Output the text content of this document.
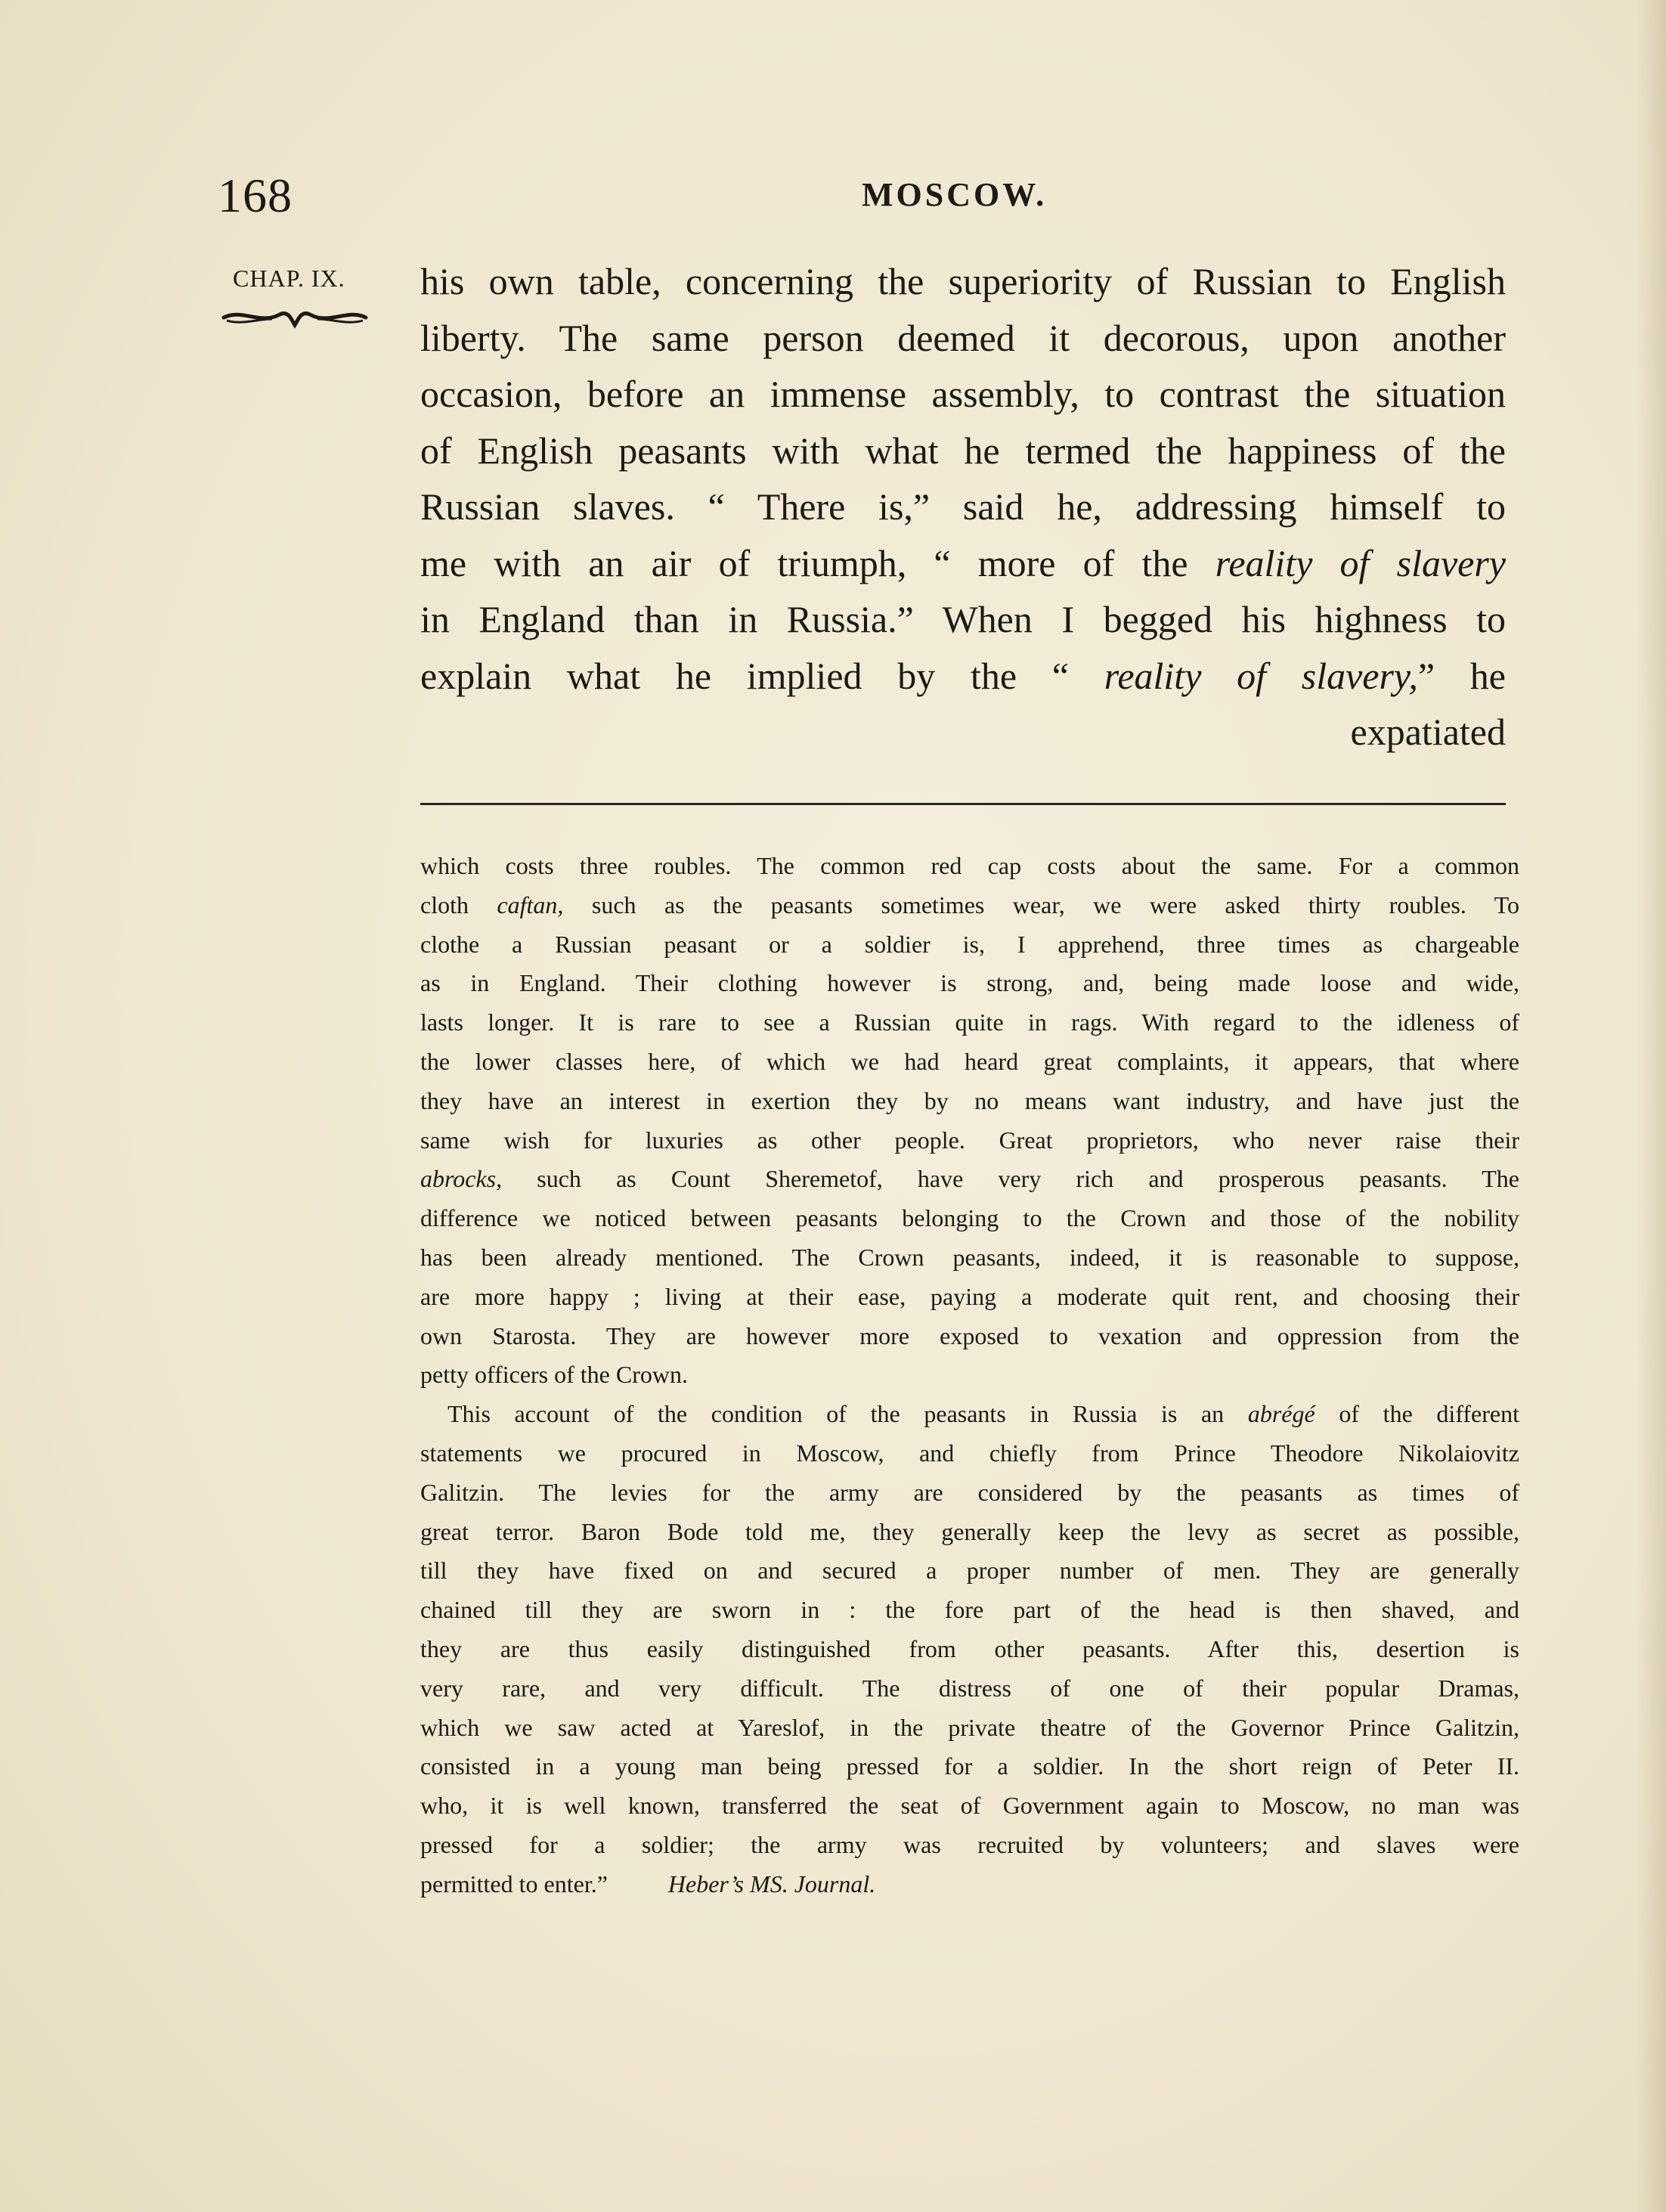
168	MOSCOW.
CHAP. IX. his own table, concerning the superiority of Russian to English
liberty. The same person deemed it decorous, upon another
occasion, before an immense assembly, to contrast the situation
of English peasants with what he termed the happiness of the
Russian slaves. “ There is,” said he, addressing himself to
me with an air of triumph, “ more of the reality of slavery
in England than in Russia.” When I begged his highness to
explain what he implied by the “ reality of slavery,” he
expatiated
which costs three roubles. The common red cap costs about the same. For a common
cloth caftan, such as the peasants sometimes wear, we were asked thirty roubles. To
clothe a Russian peasant or a soldier is, I apprehend, three times as chargeable
as in England. Their clothing however is strong, and, being made loose and wide,
lasts longer. It is rare to see a Russian quite in rags. With regard to the idleness of
the lower classes here, of which we had heard great complaints, it appears, that where
they have an interest in exertion they by no means want industry, and have just the
same wish for luxuries as other people. Great proprietors, who never raise their
abrocks, such as Count Sheremetof, have very rich and prosperous peasants. The
difference we noticed between peasants belonging to the Crown and those of the nobility
has been already mentioned. The Crown peasants, indeed, it is reasonable to suppose,
are more happy ; living at their ease, paying a moderate quit rent, and choosing their
own Starosta. They are however more exposed to vexation and oppression from the
petty officers of the Crown.
This account of the condition of the peasants in Russia is an abrégé of the different
statements we procured in Moscow, and chiefly from Prince Theodore Nikolaiovitz
Galitzin. The levies for the army are considered by the peasants as times of
great terror. Baron Bode told me, they generally keep the levy as secret as possible,
till they have fixed on and secured a proper number of men. They are generally
chained till they are sworn in : the fore part of the head is then shaved, and
they are thus easily distinguished from other peasants. After this, desertion is
very rare, and very difficult. The distress of one of their popular Dramas,
which we saw acted at Yareslof, in the private theatre of the Governor Prince Galitzin,
consisted in a young man being pressed for a soldier. In the short reign of Peter II.
who, it is well known, transferred the seat of Government again to Moscow, no man was
pressed for a soldier; the army was recruited by volunteers; and slaves were
permitted to enter.”	Heber’s MS. Journal.
